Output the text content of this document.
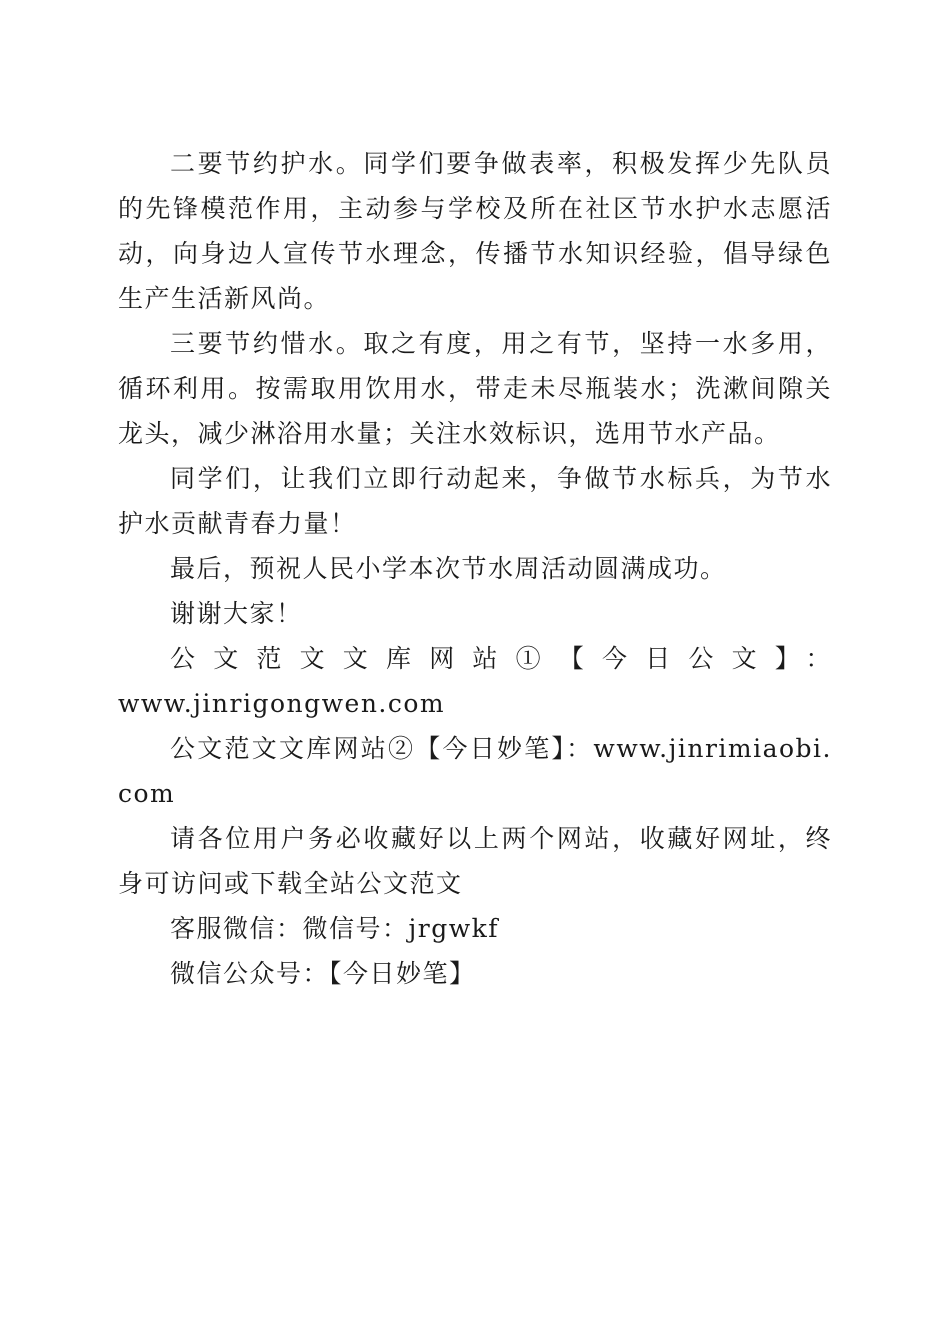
二要节约护水。同学们要争做表率，积极发挥少先队员的先锋模范作用，主动参与学校及所在社区节水护水志愿活动，向身边人宣传节水理念，传播节水知识经验，倡导绿色生产生活新风尚。

三要节约惜水。取之有度，用之有节，坚持一水多用，循环利用。按需取用饮用水，带走未尽瓶装水；洗漱间隙关龙头，减少淋浴用水量；关注水效标识，选用节水产品。

同学们，让我们立即行动起来，争做节水标兵，为节水护水贡献青春力量！

最后，预祝人民小学本次节水周活动圆满成功。

谢谢大家！

公文范文文库网站①【今日公文】：

www.jinrigongwen.com

公文范文文库网站②【今日妙笔】：www.jinrimiaobi.com

请各位用户务必收藏好以上两个网站，收藏好网址，终身可访问或下载全站公文范文

客服微信：微信号：jrgwkf

微信公众号：【今日妙笔】
